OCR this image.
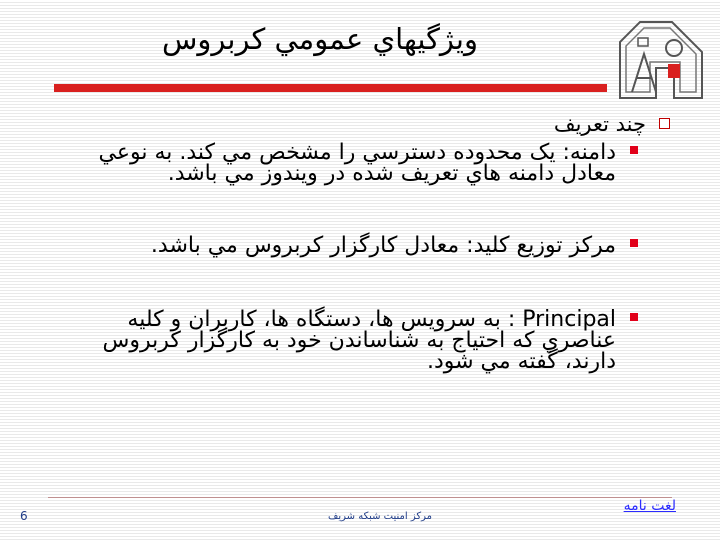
ويژگيهاي عمومي كربروس
چند تعريف
دامنه: يک محدوده دسترسي را مشخص مي كند. به نوعي معادل دامنه هاي تعريف شده در ويندوز مي باشد.
مركز توزيع كليد: معادل كارگزار كربروس مي باشد.
Principal : به سرويس ها، دستگاه ها، كاربران و كليه عناصري كه احتياج به شناساندن خود به كارگزار كربروس دارند، گفته مي شود.
6	مركز امنيت شبكه شريف
لغت نامه
